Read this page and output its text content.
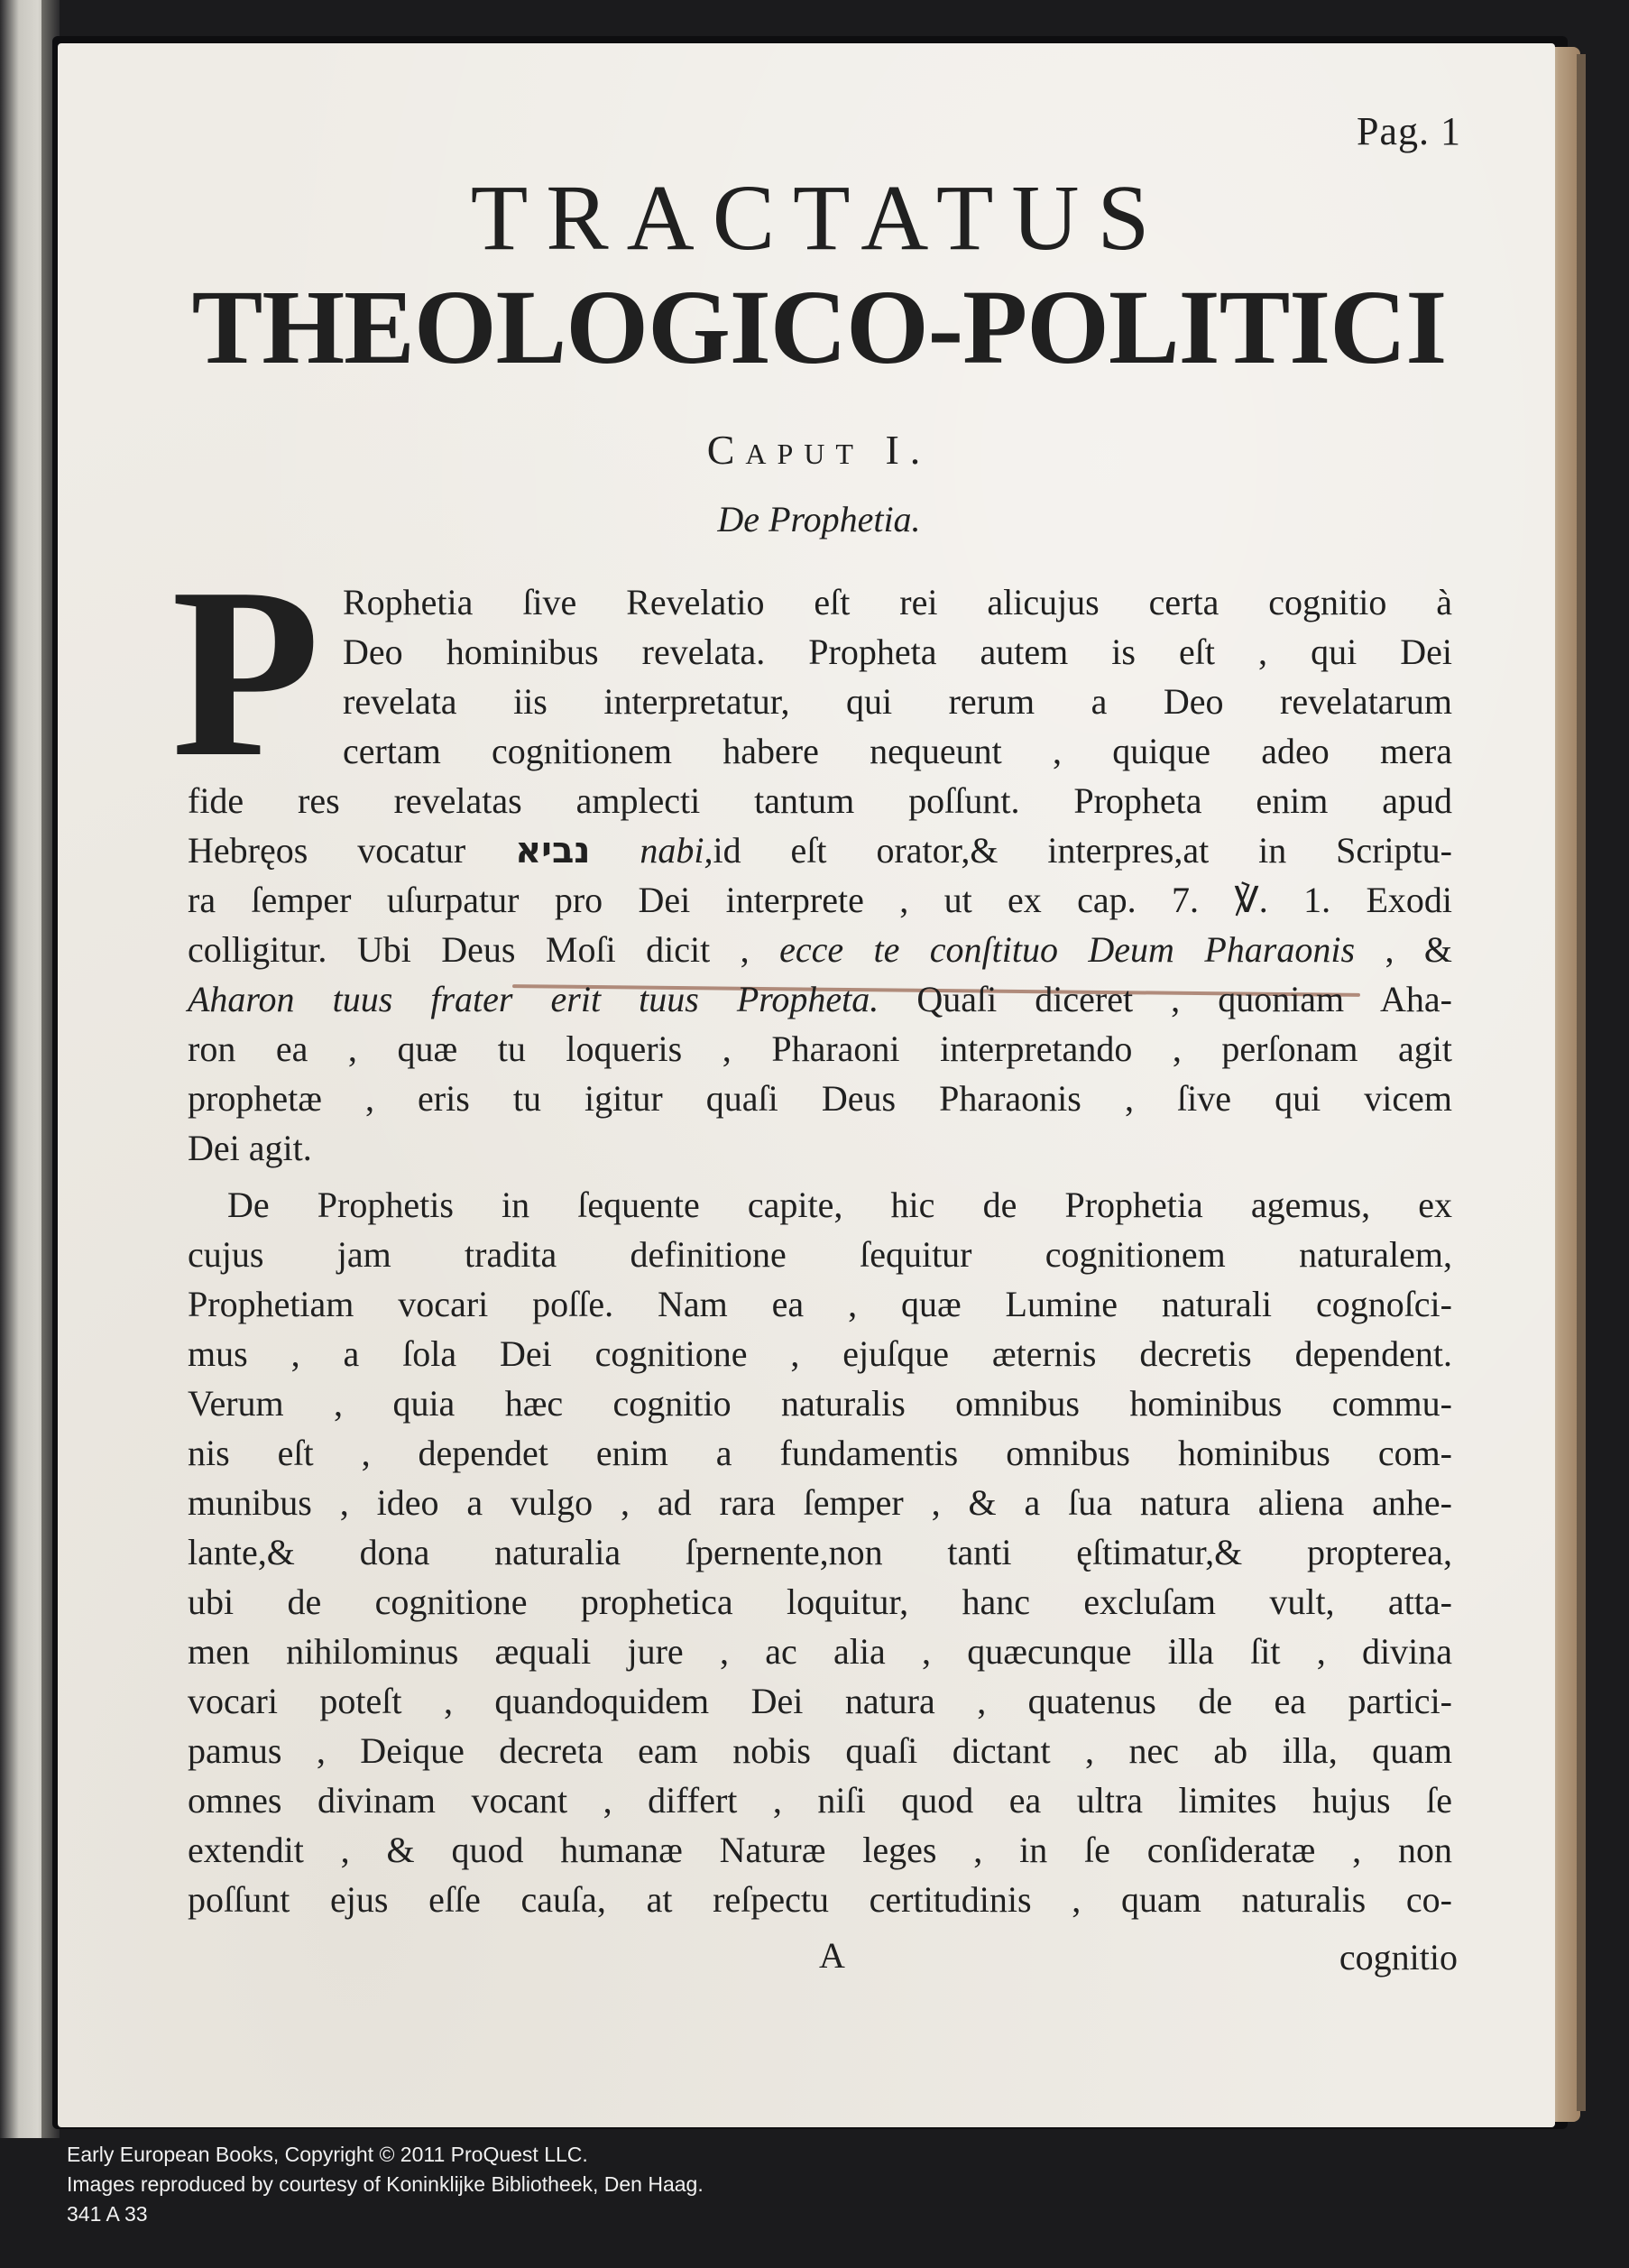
Pag. 1
TRACTATUS
THEOLOGICO-POLITICI
Caput I.
De Prophetia.
P Rophetia ſive Revelatio eſt rei alicujus certa cognitio à
Deo hominibus revelata. Propheta autem is eſt , qui Dei
revelata iis interpretatur, qui rerum a Deo revelatarum
certam cognitionem habere nequeunt , quique adeo mera
fide res revelatas amplecti tantum poſſunt. Propheta enim apud
Hebręos vocatur נביא nabi,id eſt orator,& interpres,at in Scriptu-
ra ſemper uſurpatur pro Dei interprete , ut ex cap. 7. ℣. 1. Exodi
colligitur. Ubi Deus Moſi dicit , ecce te conſtituo Deum Pharaonis , &
Aharon tuus frater erit tuus Propheta. Quaſi diceret , quoniam Aha-
ron ea , quæ tu loqueris , Pharaoni interpretando , perſonam agit
prophetæ , eris tu igitur quaſi Deus Pharaonis , ſive qui vicem
Dei agit.
De Prophetis in ſequente capite, hic de Prophetia agemus, ex
cujus jam tradita definitione ſequitur cognitionem naturalem,
Prophetiam vocari poſſe. Nam ea , quæ Lumine naturali cognoſci-
mus , a ſola Dei cognitione , ejuſque æternis decretis dependent.
Verum , quia hæc cognitio naturalis omnibus hominibus commu-
nis eſt , dependet enim a fundamentis omnibus hominibus com-
munibus , ideo a vulgo , ad rara ſemper , & a ſua natura aliena anhe-
lante,& dona naturalia ſpernente,non tanti ęſtimatur,& propterea,
ubi de cognitione prophetica loquitur, hanc excluſam vult, atta-
men nihilominus æquali jure , ac alia , quæcunque illa ſit , divina
vocari poteſt , quandoquidem Dei natura , quatenus de ea partici-
pamus , Deique decreta eam nobis quaſi dictant , nec ab illa, quam
omnes divinam vocant , differt , niſi quod ea ultra limites hujus ſe
extendit , & quod humanæ Naturæ leges , in ſe conſideratæ , non
poſſunt ejus eſſe cauſa, at reſpectu certitudinis , quam naturalis co-
A	cognitio
Early European Books, Copyright © 2011 ProQuest LLC.
Images reproduced by courtesy of Koninklijke Bibliotheek, Den Haag.
341 A 33
